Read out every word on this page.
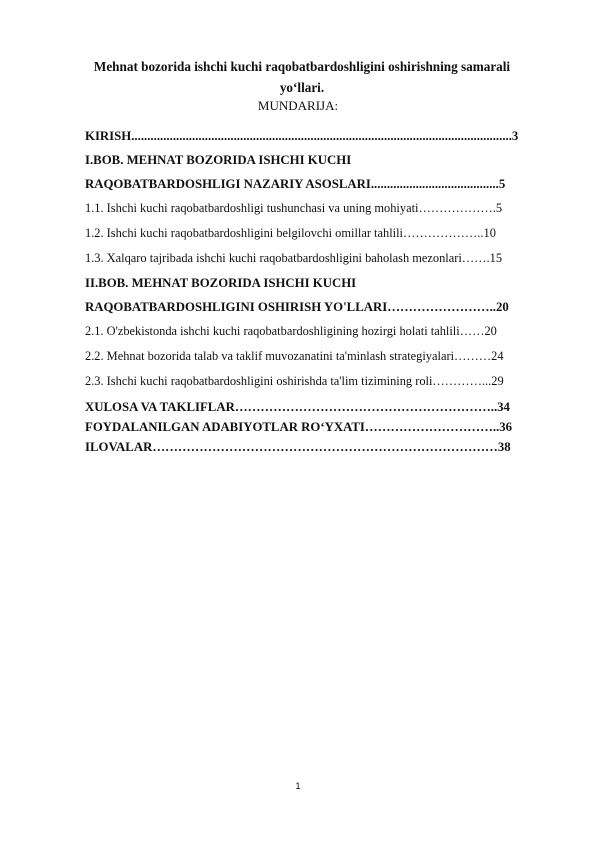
Mehnat bozorida ishchi kuchi raqobatbardoshligini oshirishning samarali yo‘llari.
MUNDARIJA:
KIRISH.......................................................................................................................3
I.BOB. MEHNAT BOZORIDA ISHCHI KUCHI
RAQOBATBARDOSHLIGI NAZARIY ASOSLARI........................................5
1.1. Ishchi kuchi raqobatbardoshligi tushunchasi va uning mohiyati……………….5
1.2. Ishchi kuchi raqobatbardoshligini belgilovchi omillar tahlili………………..10
1.3. Xalqaro tajribada ishchi kuchi raqobatbardoshligini baholash mezonlari…….15
II.BOB. MEHNAT BOZORIDA ISHCHI KUCHI
RAQOBATBARDOSHLIGINI OSHIRISH YO'LLARI……………………..20
2.1. O'zbekistonda ishchi kuchi raqobatbardoshligining hozirgi holati tahlili……20
2.2. Mehnat bozorida talab va taklif muvozanatini ta'minlash strategiyalari………24
2.3. Ishchi kuchi raqobatbardoshligini oshirishda ta'lim tizimining roli…………...29
XULOSA VA TAKLIFLAR……………………………………………………..34
FOYDALANILGAN ADABIYOTLAR RO‘YXATI…………………………..36
ILOVALAR………………………………………………………………………38
1
